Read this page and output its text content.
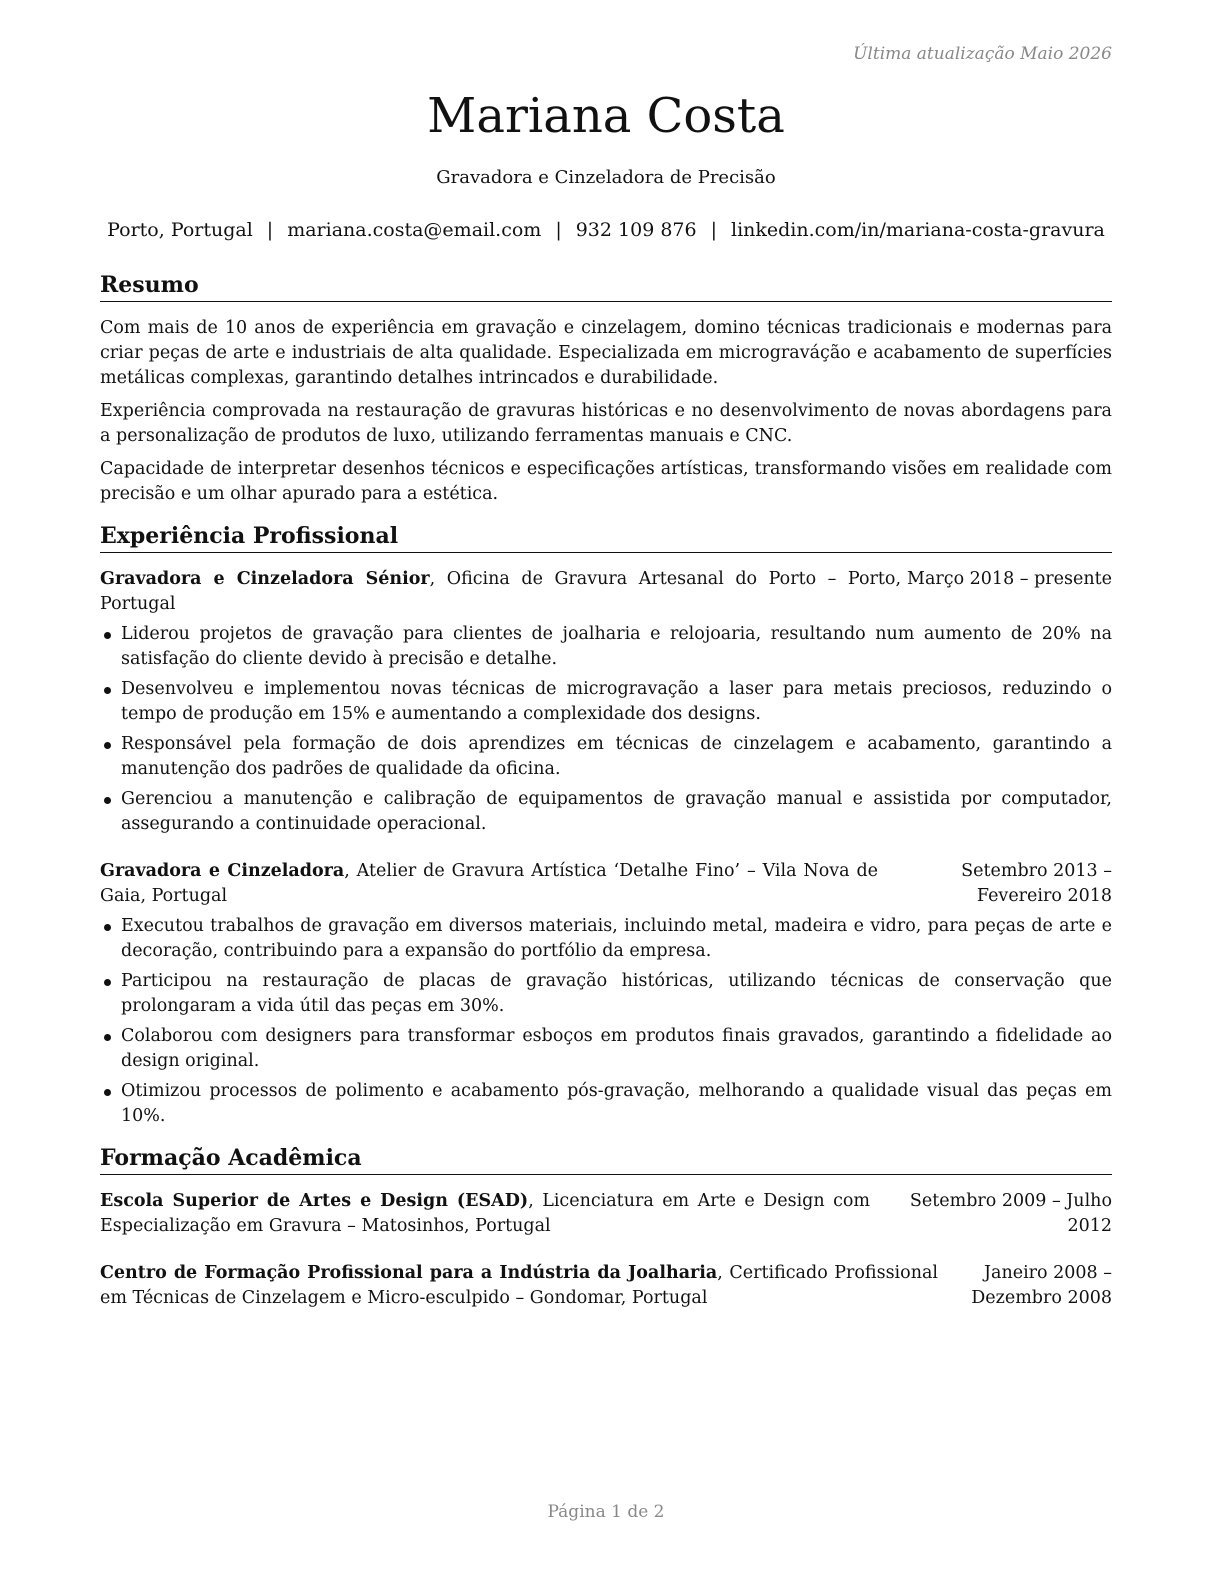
Última atualização Maio 2026
Mariana Costa
Gravadora e Cinzeladora de Precisão
Porto, Portugal | mariana.costa@email.com | 932 109 876 | linkedin.com/in/mariana-costa-gravura
Resumo

Com mais de 10 anos de experiência em gravação e cinzelagem, domino técnicas tradicionais e modernas para criar peças de arte e industriais de alta qualidade. Especializada em micrograváção e acabamento de superfícies metálicas complexas, garantindo detalhes intrincados e durabilidade.

Experiência comprovada na restauração de gravuras históricas e no desenvolvimento de novas abordagens para a personalização de produtos de luxo, utilizando ferramentas manuais e CNC.

Capacidade de interpretar desenhos técnicos e especificações artísticas, transformando visões em realidade com precisão e um olhar apurado para a estética.

Experiência Profissional
Gravadora e Cinzeladora Sénior, Oficina de Gravura Artesanal do Porto – Porto, Portugal
Março 2018 – presente
Liderou projetos de gravação para clientes de joalharia e relojoaria, resultando num aumento de 20% na satisfação do cliente devido à precisão e detalhe.
Desenvolveu e implementou novas técnicas de microgravação a laser para metais preciosos, reduzindo o tempo de produção em 15% e aumentando a complexidade dos designs.
Responsável pela formação de dois aprendizes em técnicas de cinzelagem e acabamento, garantindo a manutenção dos padrões de qualidade da oficina.
Gerenciou a manutenção e calibração de equipamentos de gravação manual e assistida por computador, assegurando a continuidade operacional.
Gravadora e Cinzeladora, Atelier de Gravura Artística ‘Detalhe Fino’ – Vila Nova de Gaia, Portugal
Setembro 2013 – Fevereiro 2018
Executou trabalhos de gravação em diversos materiais, incluindo metal, madeira e vidro, para peças de arte e decoração, contribuindo para a expansão do portfólio da empresa.
Participou na restauração de placas de gravação históricas, utilizando técnicas de conservação que prolongaram a vida útil das peças em 30%.
Colaborou com designers para transformar esboços em produtos finais gravados, garantindo a fidelidade ao design original.
Otimizou processos de polimento e acabamento pós-gravação, melhorando a qualidade visual das peças em 10%.
Formação Acadêmica
Escola Superior de Artes e Design (ESAD), Licenciatura em Arte e Design com Especialização em Gravura – Matosinhos, Portugal
Setembro 2009 – Julho 2012
Centro de Formação Profissional para a Indústria da Joalharia, Certificado Profissional em Técnicas de Cinzelagem e Micro-esculpido – Gondomar, Portugal
Janeiro 2008 – Dezembro 2008
Página 1 de 2
